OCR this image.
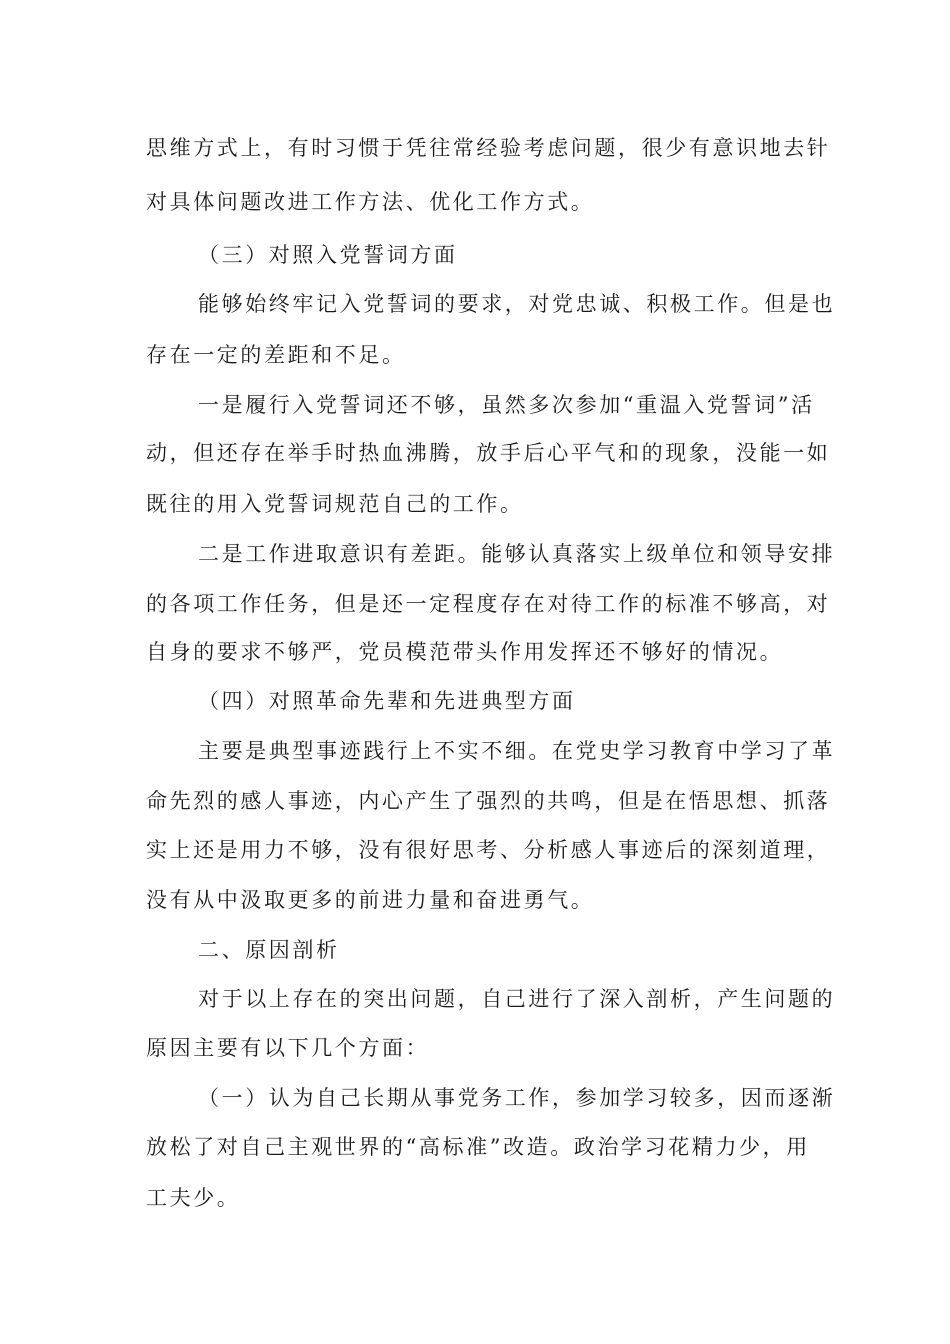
思维方式上，有时习惯于凭往常经验考虑问题，很少有意识地去针
对具体问题改进工作方法、优化工作方式。
（三）对照入党誓词方面
能够始终牢记入党誓词的要求，对党忠诚、积极工作。但是也
存在一定的差距和不足。
一是履行入党誓词还不够，虽然多次参加“重温入党誓词”活
动，但还存在举手时热血沸腾，放手后心平气和的现象，没能一如
既往的用入党誓词规范自己的工作。
二是工作进取意识有差距。能够认真落实上级单位和领导安排
的各项工作任务，但是还一定程度存在对待工作的标准不够高，对
自身的要求不够严，党员模范带头作用发挥还不够好的情况。
（四）对照革命先辈和先进典型方面
主要是典型事迹践行上不实不细。在党史学习教育中学习了革
命先烈的感人事迹，内心产生了强烈的共鸣，但是在悟思想、抓落
实上还是用力不够，没有很好思考、分析感人事迹后的深刻道理，
没有从中汲取更多的前进力量和奋进勇气。
二、原因剖析
对于以上存在的突出问题，自己进行了深入剖析，产生问题的
原因主要有以下几个方面：
（一）认为自己长期从事党务工作，参加学习较多，因而逐渐
放松了对自己主观世界的“高标准”改造。政治学习花精力少，用
工夫少。
